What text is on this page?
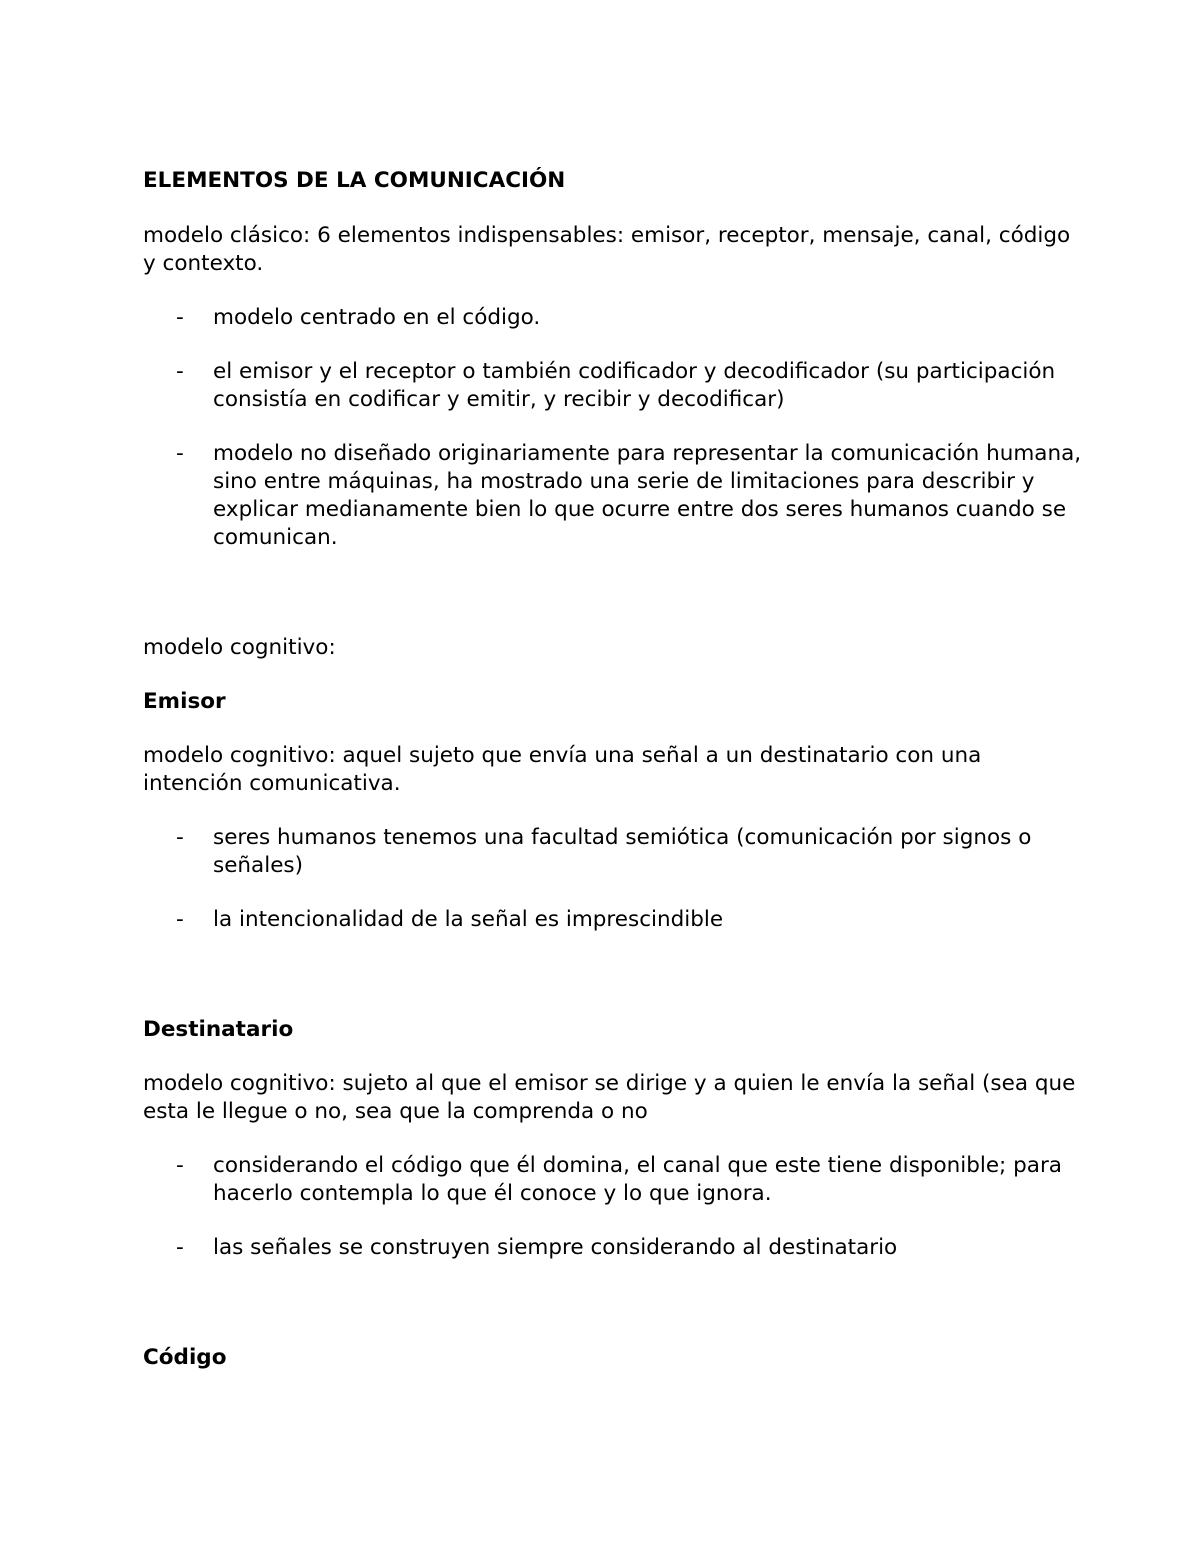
ELEMENTOS DE LA COMUNICACIÓN

modelo clásico: 6 elementos indispensables: emisor, receptor, mensaje, canal, código y contexto.

- modelo centrado en el código.
- el emisor y el receptor o también codificador y decodificador (su participación consistía en codificar y emitir, y recibir y decodificar)
- modelo no diseñado originariamente para representar la comunicación humana, sino entre máquinas, ha mostrado una serie de limitaciones para describir y explicar medianamente bien lo que ocurre entre dos seres humanos cuando se comunican.

modelo cognitivo:

Emisor

modelo cognitivo: aquel sujeto que envía una señal a un destinatario con una intención comunicativa.

- seres humanos tenemos una facultad semiótica (comunicación por signos o señales)
- la intencionalidad de la señal es imprescindible

Destinatario

modelo cognitivo: sujeto al que el emisor se dirige y a quien le envía la señal (sea que esta le llegue o no, sea que la comprenda o no

- considerando el código que él domina, el canal que este tiene disponible; para hacerlo contempla lo que él conoce y lo que ignora.
- las señales se construyen siempre considerando al destinatario

Código
